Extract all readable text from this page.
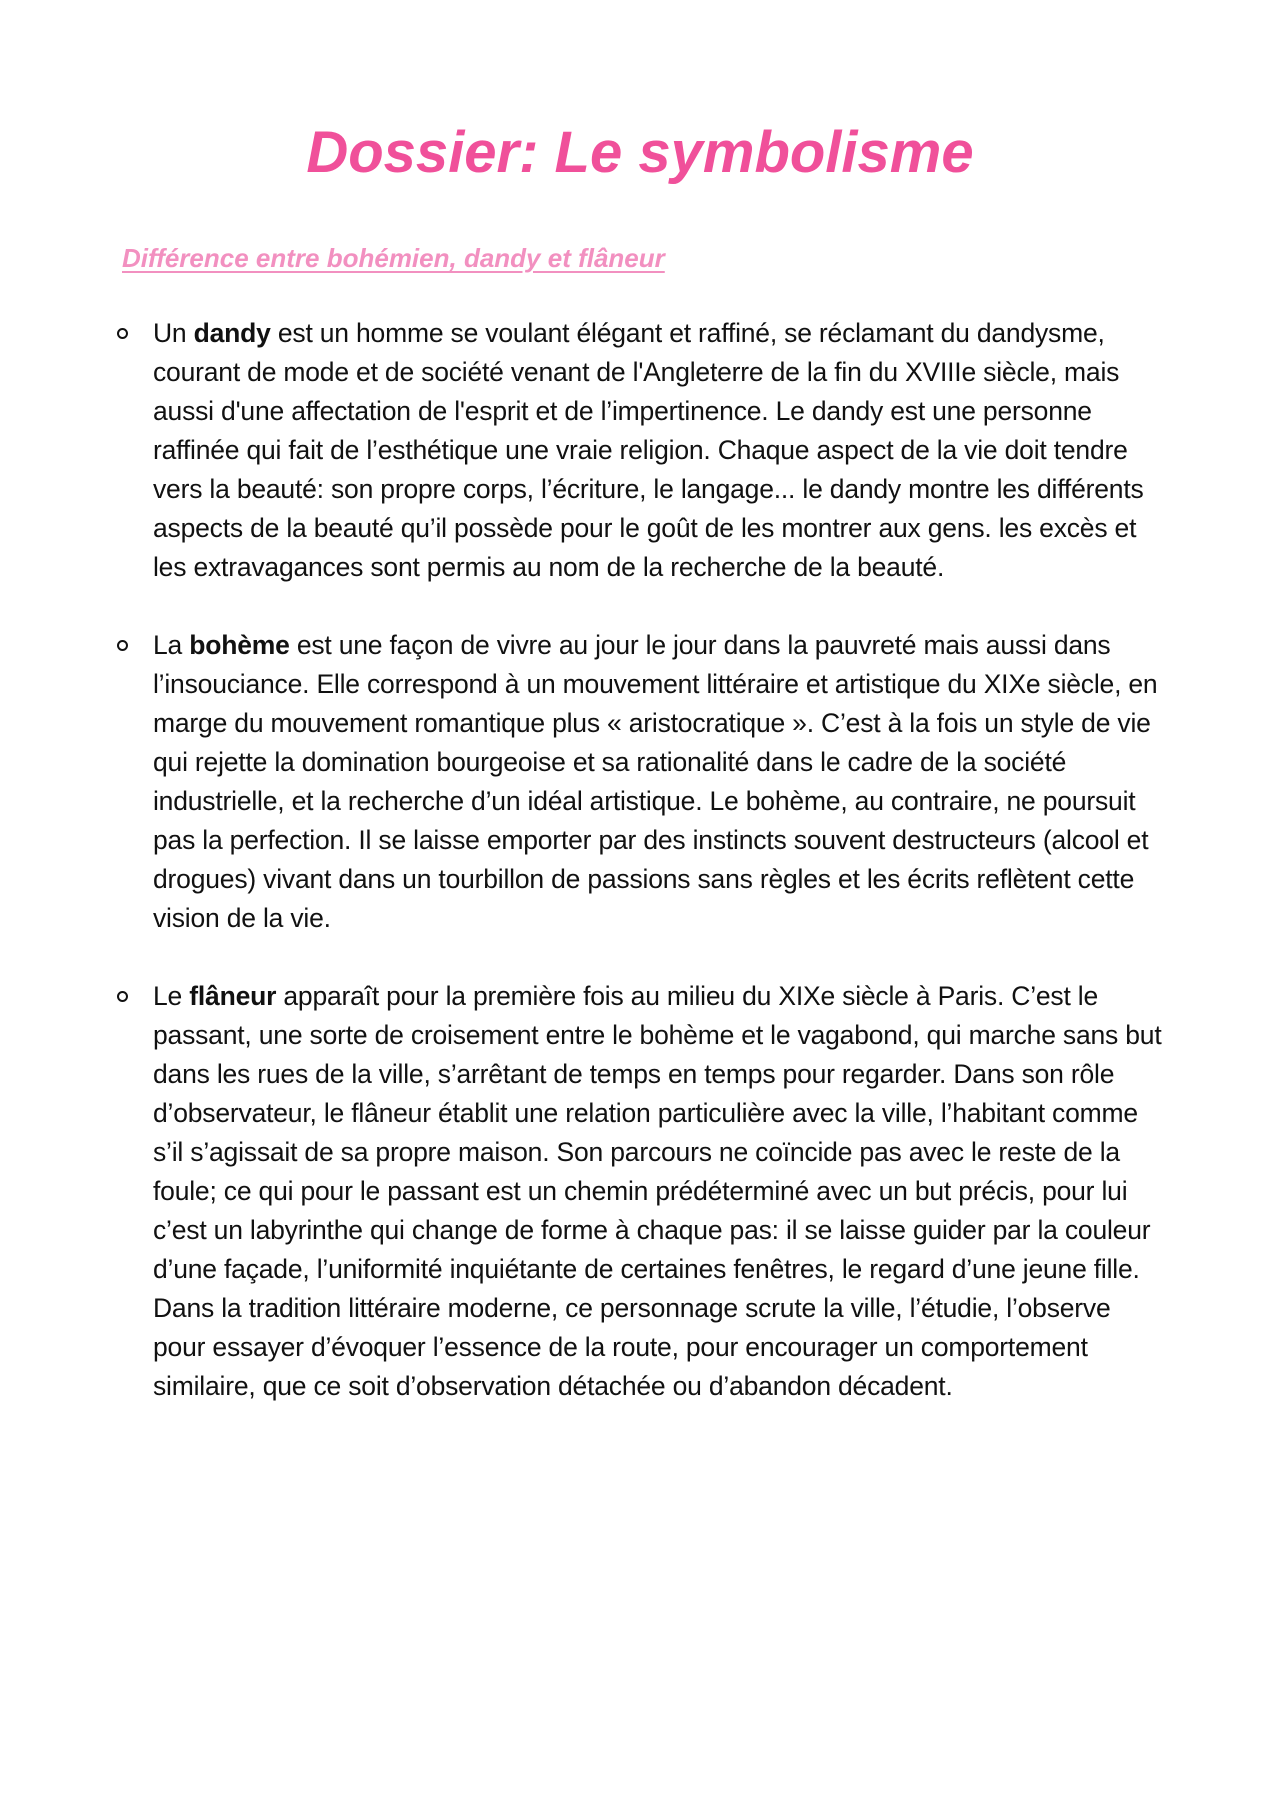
Dossier: Le symbolisme
Différence entre bohémien, dandy et flâneur
Un dandy est un homme se voulant élégant et raffiné, se réclamant du dandysme, courant de mode et de société venant de l'Angleterre de la fin du XVIIIe siècle, mais aussi d'une affectation de l'esprit et de l’impertinence. Le dandy est une personne raffinée qui fait de l’esthétique une vraie religion. Chaque aspect de la vie doit tendre vers la beauté: son propre corps, l’écriture, le langage... le dandy montre les différents aspects de la beauté qu’il possède pour le goût de les montrer aux gens. les excès et les extravagances sont permis au nom de la recherche de la beauté.
La bohème est une façon de vivre au jour le jour dans la pauvreté mais aussi dans l’insouciance. Elle correspond à un mouvement littéraire et artistique du XIXe siècle, en marge du mouvement romantique plus « aristocratique ». C’est à la fois un style de vie qui rejette la domination bourgeoise et sa rationalité dans le cadre de la société industrielle, et la recherche d’un idéal artistique. Le bohème, au contraire, ne poursuit pas la perfection. Il se laisse emporter par des instincts souvent destructeurs (alcool et drogues) vivant dans un tourbillon de passions sans règles et les écrits reflètent cette vision de la vie.
Le flâneur apparaît pour la première fois au milieu du XIXe siècle à Paris. C’est le passant, une sorte de croisement entre le bohème et le vagabond, qui marche sans but dans les rues de la ville, s’arrêtant de temps en temps pour regarder. Dans son rôle d’observateur, le flâneur établit une relation particulière avec la ville, l’habitant comme s’il s’agissait de sa propre maison. Son parcours ne coïncide pas avec le reste de la foule; ce qui pour le passant est un chemin prédéterminé avec un but précis, pour lui c’est un labyrinthe qui change de forme à chaque pas: il se laisse guider par la couleur d’une façade, l’uniformité inquiétante de certaines fenêtres, le regard d’une jeune fille. Dans la tradition littéraire moderne, ce personnage scrute la ville, l’étudie, l’observe pour essayer d’évoquer l’essence de la route, pour encourager un comportement similaire, que ce soit d’observation détachée ou d’abandon décadent.
